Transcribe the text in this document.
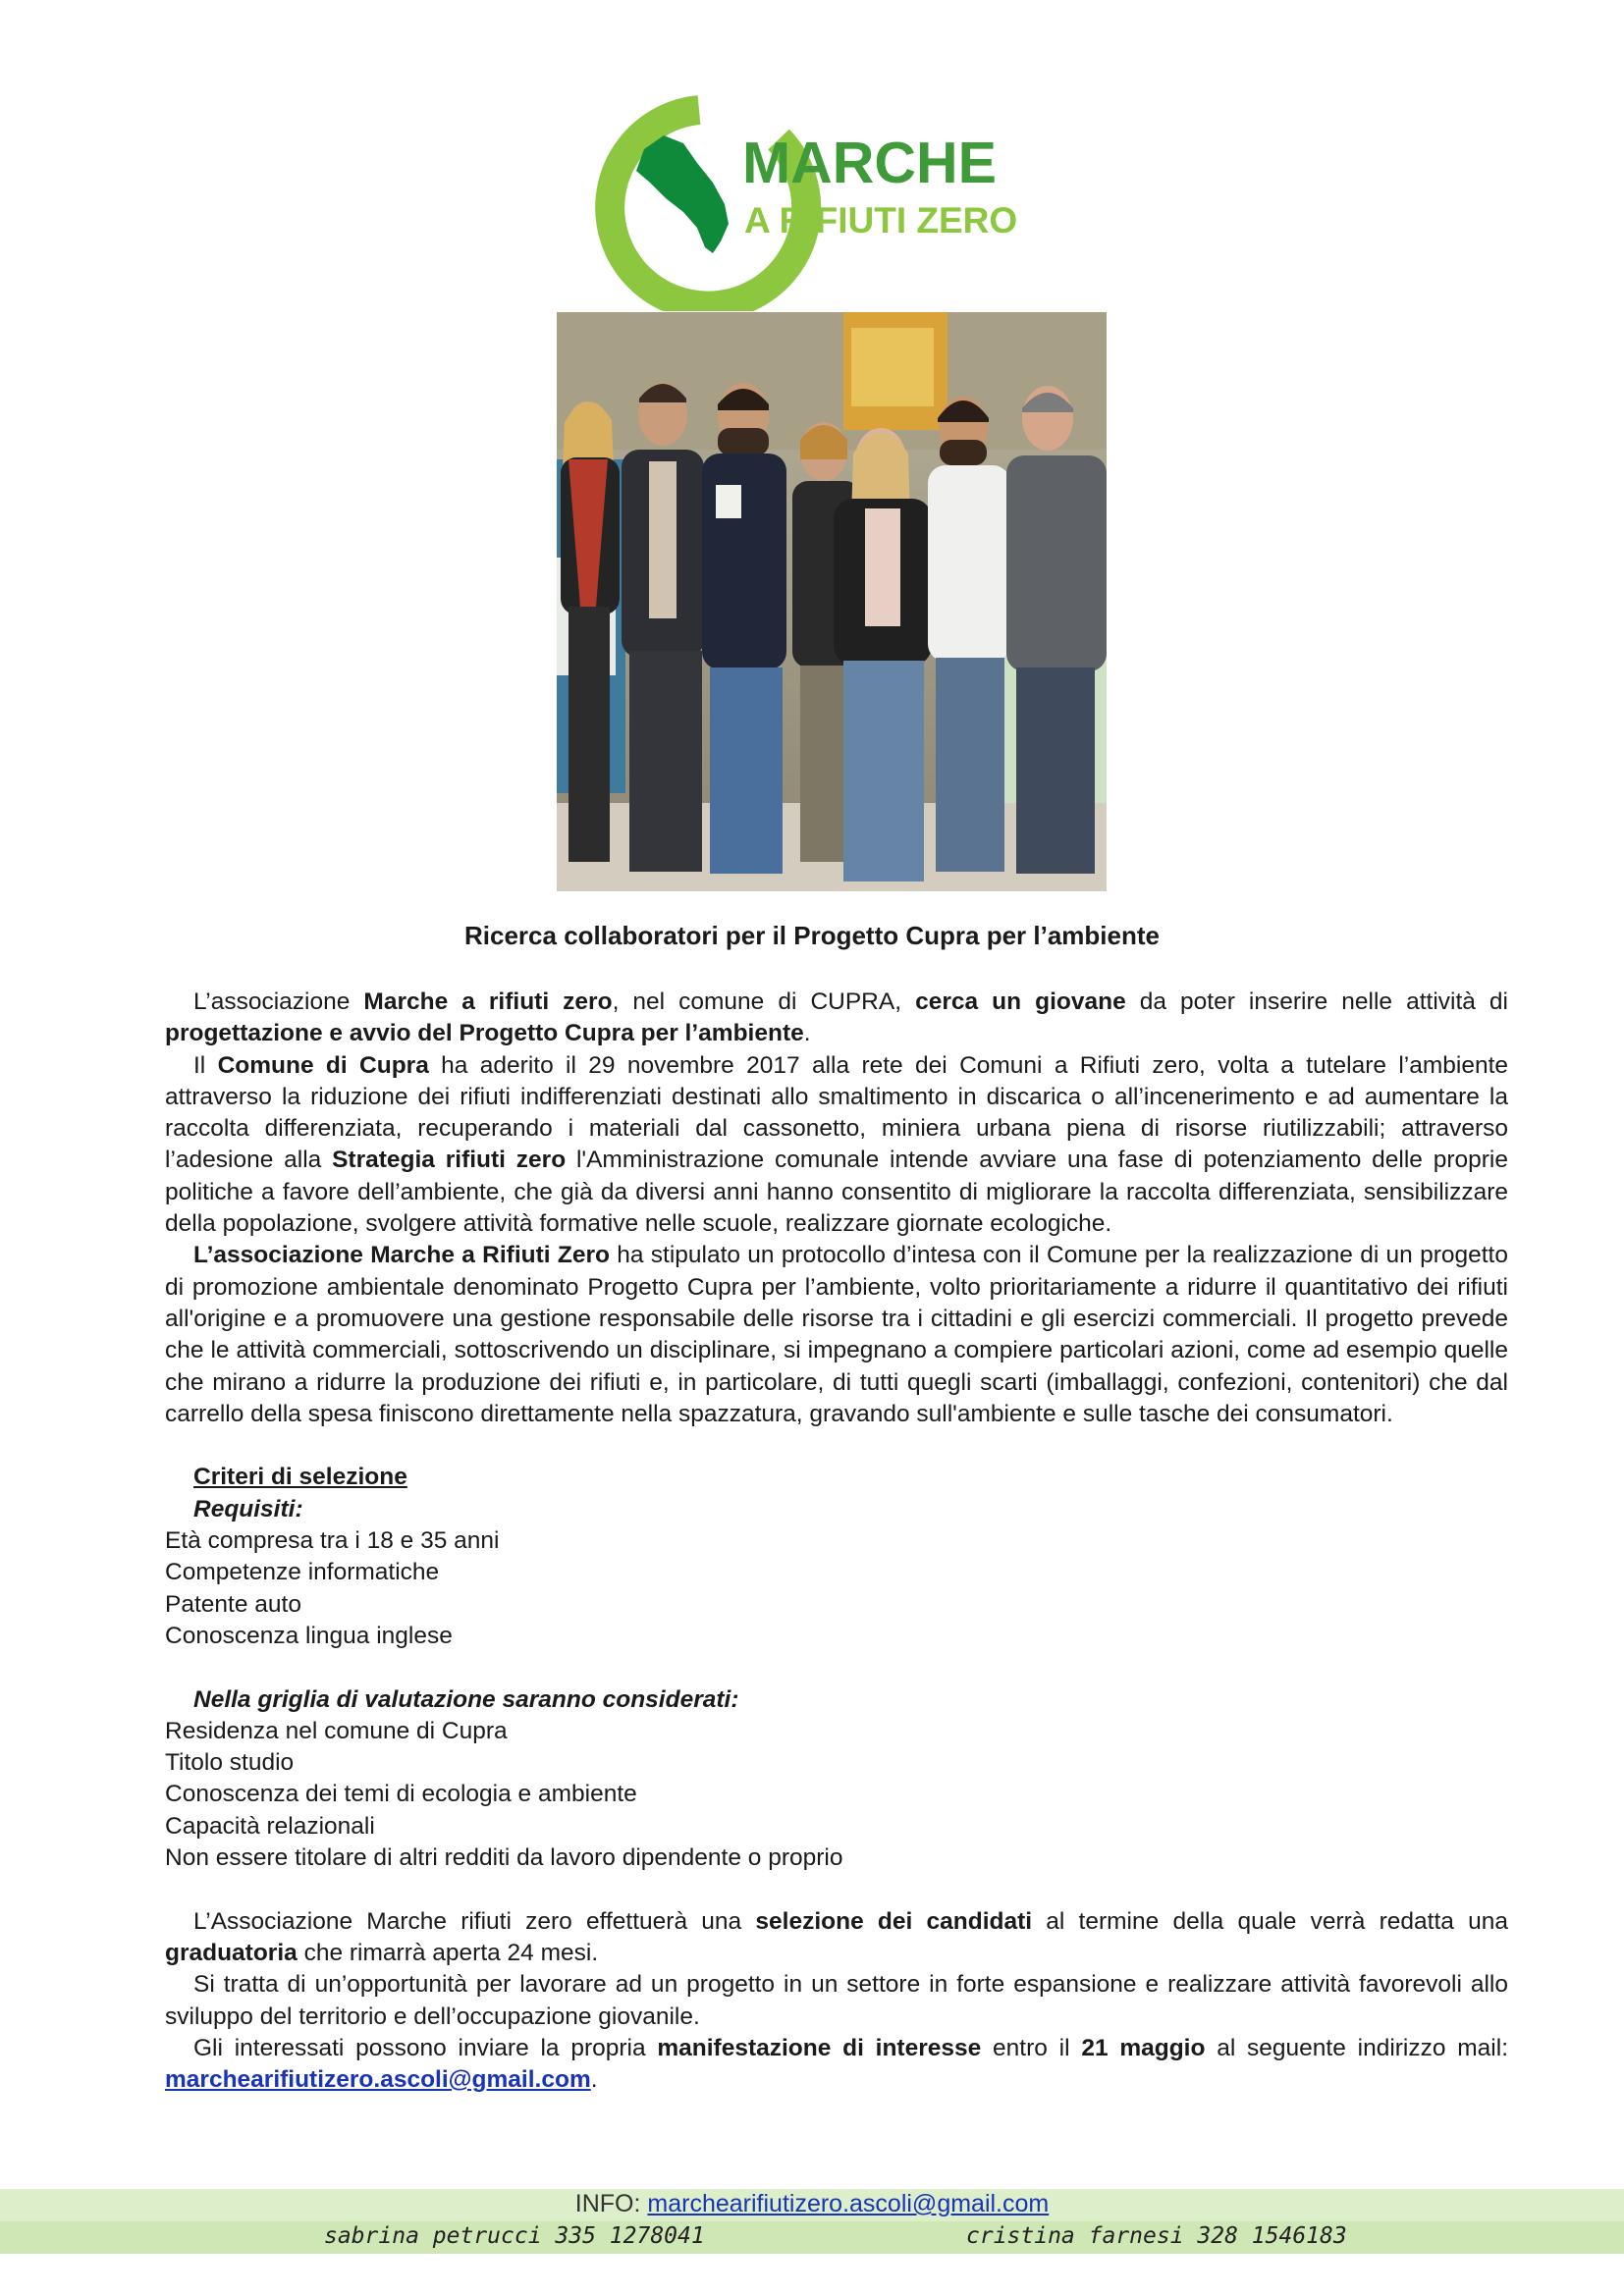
MARCHE
A RIFIUTI ZERO
Ricerca collaboratori per il Progetto Cupra per l’ambiente

L’associazione Marche a rifiuti zero, nel comune di CUPRA, cerca un giovane da poter inserire nelle attività di progettazione e avvio del Progetto Cupra per l’ambiente.

Il Comune di Cupra ha aderito il 29 novembre 2017 alla rete dei Comuni a Rifiuti zero, volta a tutelare l’ambiente attraverso la riduzione dei rifiuti indifferenziati destinati allo smaltimento in discarica o all’incenerimento e ad aumentare la raccolta differenziata, recuperando i materiali dal cassonetto, miniera urbana piena di risorse riutilizzabili; attraverso l’adesione alla Strategia rifiuti zero l'Amministrazione comunale intende avviare una fase di potenziamento delle proprie politiche a favore dell’ambiente, che già da diversi anni hanno consentito di migliorare la raccolta differenziata, sensibilizzare della popolazione, svolgere attività formative nelle scuole, realizzare giornate ecologiche.

L’associazione Marche a Rifiuti Zero ha stipulato un protocollo d’intesa con il Comune per la realizzazione di un progetto di promozione ambientale denominato Progetto Cupra per l’ambiente, volto prioritariamente a ridurre il quantitativo dei rifiuti all'origine e a promuovere una gestione responsabile delle risorse tra i cittadini e gli esercizi commerciali. Il progetto prevede che le attività commerciali, sottoscrivendo un disciplinare, si impegnano a compiere particolari azioni, come ad esempio quelle che mirano a ridurre la produzione dei rifiuti e, in particolare, di tutti quegli scarti (imballaggi, confezioni, contenitori) che dal carrello della spesa finiscono direttamente nella spazzatura, gravando sull'ambiente e sulle tasche dei consumatori.

Criteri di selezione

Requisiti:

Età compresa tra i 18 e 35 anni

Competenze informatiche

Patente auto

Conoscenza lingua inglese

Nella griglia di valutazione saranno considerati:

Residenza nel comune di Cupra

Titolo studio

Conoscenza dei temi di ecologia e ambiente

Capacità relazionali

Non essere titolare di altri redditi da lavoro dipendente o proprio

L’Associazione Marche rifiuti zero effettuerà una selezione dei candidati al termine della quale verrà redatta una graduatoria che rimarrà aperta 24 mesi.

Si tratta di un’opportunità per lavorare ad un progetto in un settore in forte espansione e realizzare attività favorevoli allo sviluppo del territorio e dell’occupazione giovanile.

Gli interessati possono inviare la propria manifestazione di interesse entro il 21 maggio al seguente indirizzo mail: marchearifiutizero.ascoli@gmail.com.

INFO: marchearifiutizero.ascoli@gmail.com
sabrina petrucci 335 1278041	cristina farnesi 328 1546183
